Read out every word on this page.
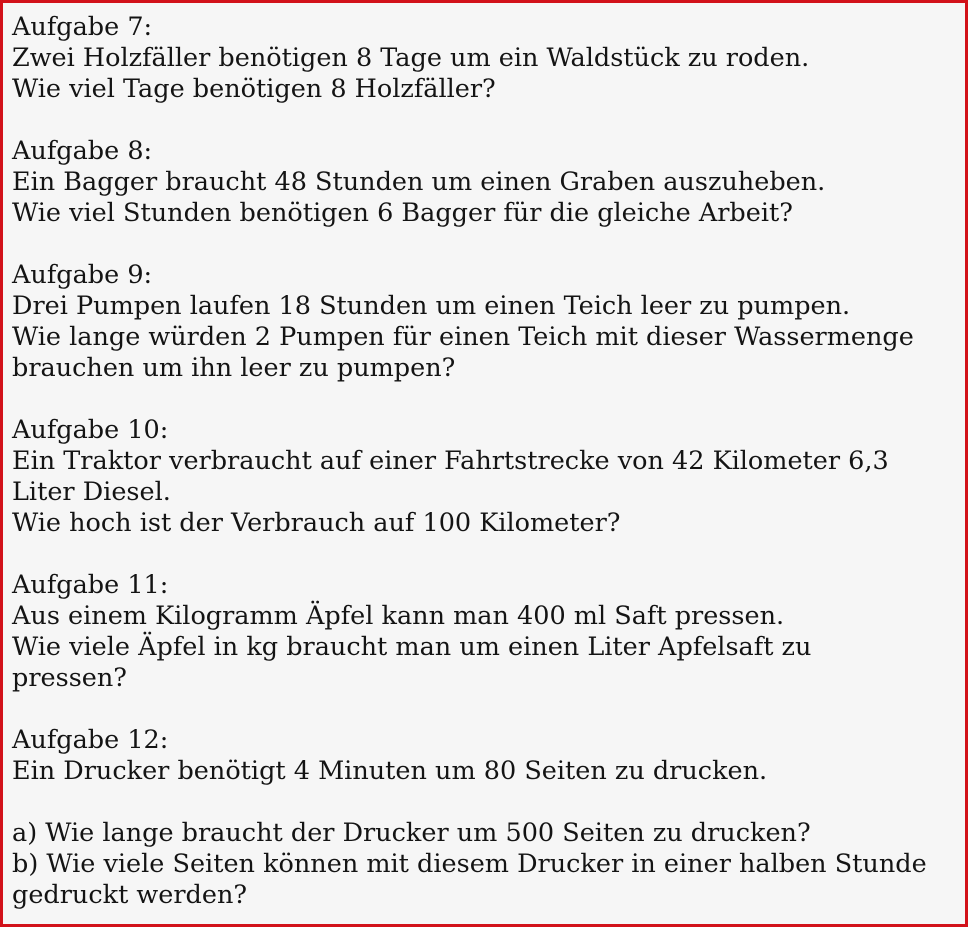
Aufgabe 7:
Zwei Holzfäller benötigen 8 Tage um ein Waldstück zu roden.
Wie viel Tage benötigen 8 Holzfäller?
Aufgabe 8:
Ein Bagger braucht 48 Stunden um einen Graben auszuheben.
Wie viel Stunden benötigen 6 Bagger für die gleiche Arbeit?
Aufgabe 9:
Drei Pumpen laufen 18 Stunden um einen Teich leer zu pumpen.
Wie lange würden 2 Pumpen für einen Teich mit dieser Wassermenge
brauchen um ihn leer zu pumpen?
Aufgabe 10:
Ein Traktor verbraucht auf einer Fahrtstrecke von 42 Kilometer 6,3
Liter Diesel.
Wie hoch ist der Verbrauch auf 100 Kilometer?
Aufgabe 11:
Aus einem Kilogramm Äpfel kann man 400 ml Saft pressen.
Wie viele Äpfel in kg braucht man um einen Liter Apfelsaft zu
pressen?
Aufgabe 12:
Ein Drucker benötigt 4 Minuten um 80 Seiten zu drucken.
a) Wie lange braucht der Drucker um 500 Seiten zu drucken?
b) Wie viele Seiten können mit diesem Drucker in einer halben Stunde
gedruckt werden?
